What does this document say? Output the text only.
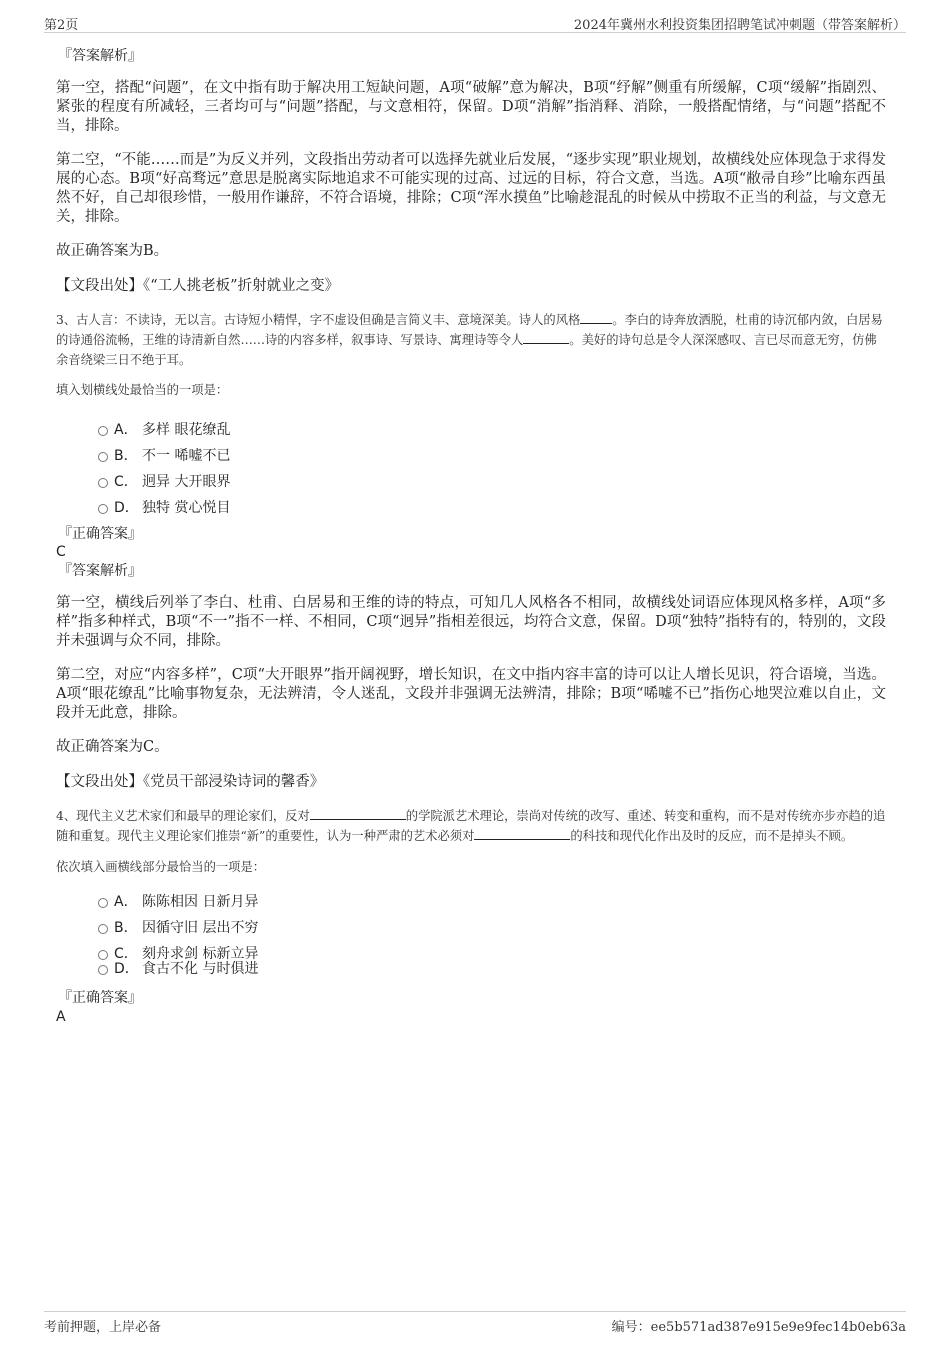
第2页	2024年冀州水利投资集团招聘笔试冲刺题（带答案解析）

『答案解析』

第一空，搭配“问题”，在文中指有助于解决用工短缺问题，A项“破解”意为解决，B项“纾解”侧重有所缓解，C项“缓解”指剧烈、紧张的程度有所减轻，三者均可与“问题”搭配，与文意相符，保留。D项“消解”指消释、消除，一般搭配情绪，与“问题”搭配不当，排除。

第二空，“不能……而是”为反义并列，文段指出劳动者可以选择先就业后发展，“逐步实现”职业规划，故横线处应体现急于求得发展的心态。B项“好高骛远”意思是脱离实际地追求不可能实现的过高、过远的目标，符合文意，当选。A项“敝帚自珍”比喻东西虽然不好，自己却很珍惜，一般用作谦辞，不符合语境，排除；C项“浑水摸鱼”比喻趁混乱的时候从中捞取不正当的利益，与文意无关，排除。

故正确答案为B。

【文段出处】《“工人挑老板”折射就业之变》

3、古人言：不读诗，无以言。古诗短小精悍，字不虚设但确是言简义丰、意境深美。诗人的风格	。李白的诗奔放洒脱，杜甫的诗沉郁内敛，白居易的诗通俗流畅，王维的诗清新自然……诗的内容多样，叙事诗、写景诗、寓理诗等令人	。美好的诗句总是令人深深感叹、言已尽而意无穷，仿佛余音绕梁三日不绝于耳。

填入划横线处最恰当的一项是：

A． 多样 眼花缭乱
B． 不一 唏嘘不已
C． 迥异 大开眼界
D． 独特 赏心悦目

『正确答案』

C

『答案解析』

第一空，横线后列举了李白、杜甫、白居易和王维的诗的特点，可知几人风格各不相同，故横线处词语应体现风格多样，A项“多样”指多种样式，B项“不一”指不一样、不相同，C项“迥异”指相差很远，均符合文意，保留。D项“独特”指特有的，特别的，文段并未强调与众不同，排除。

第二空，对应“内容多样”，C项“大开眼界”指开阔视野，增长知识，在文中指内容丰富的诗可以让人增长见识，符合语境，当选。A项“眼花缭乱”比喻事物复杂，无法辨清，令人迷乱，文段并非强调无法辨清，排除；B项“唏嘘不已”指伤心地哭泣难以自止，文段并无此意，排除。

故正确答案为C。

【文段出处】《党员干部浸染诗词的馨香》

4、现代主义艺术家们和最早的理论家们，反对	的学院派艺术理论，崇尚对传统的改写、重述、转变和重构，而不是对传统亦步亦趋的追随和重复。现代主义理论家们推崇“新”的重要性，认为一种严肃的艺术必须对	的科技和现代化作出及时的反应，而不是掉头不顾。

依次填入画横线部分最恰当的一项是：

A． 陈陈相因 日新月异
B． 因循守旧 层出不穷
C． 刻舟求剑 标新立异
D． 食古不化 与时俱进

『正确答案』

A

考前押题，上岸必备	编号：ee5b571ad387e915e9e9fec14b0eb63a
